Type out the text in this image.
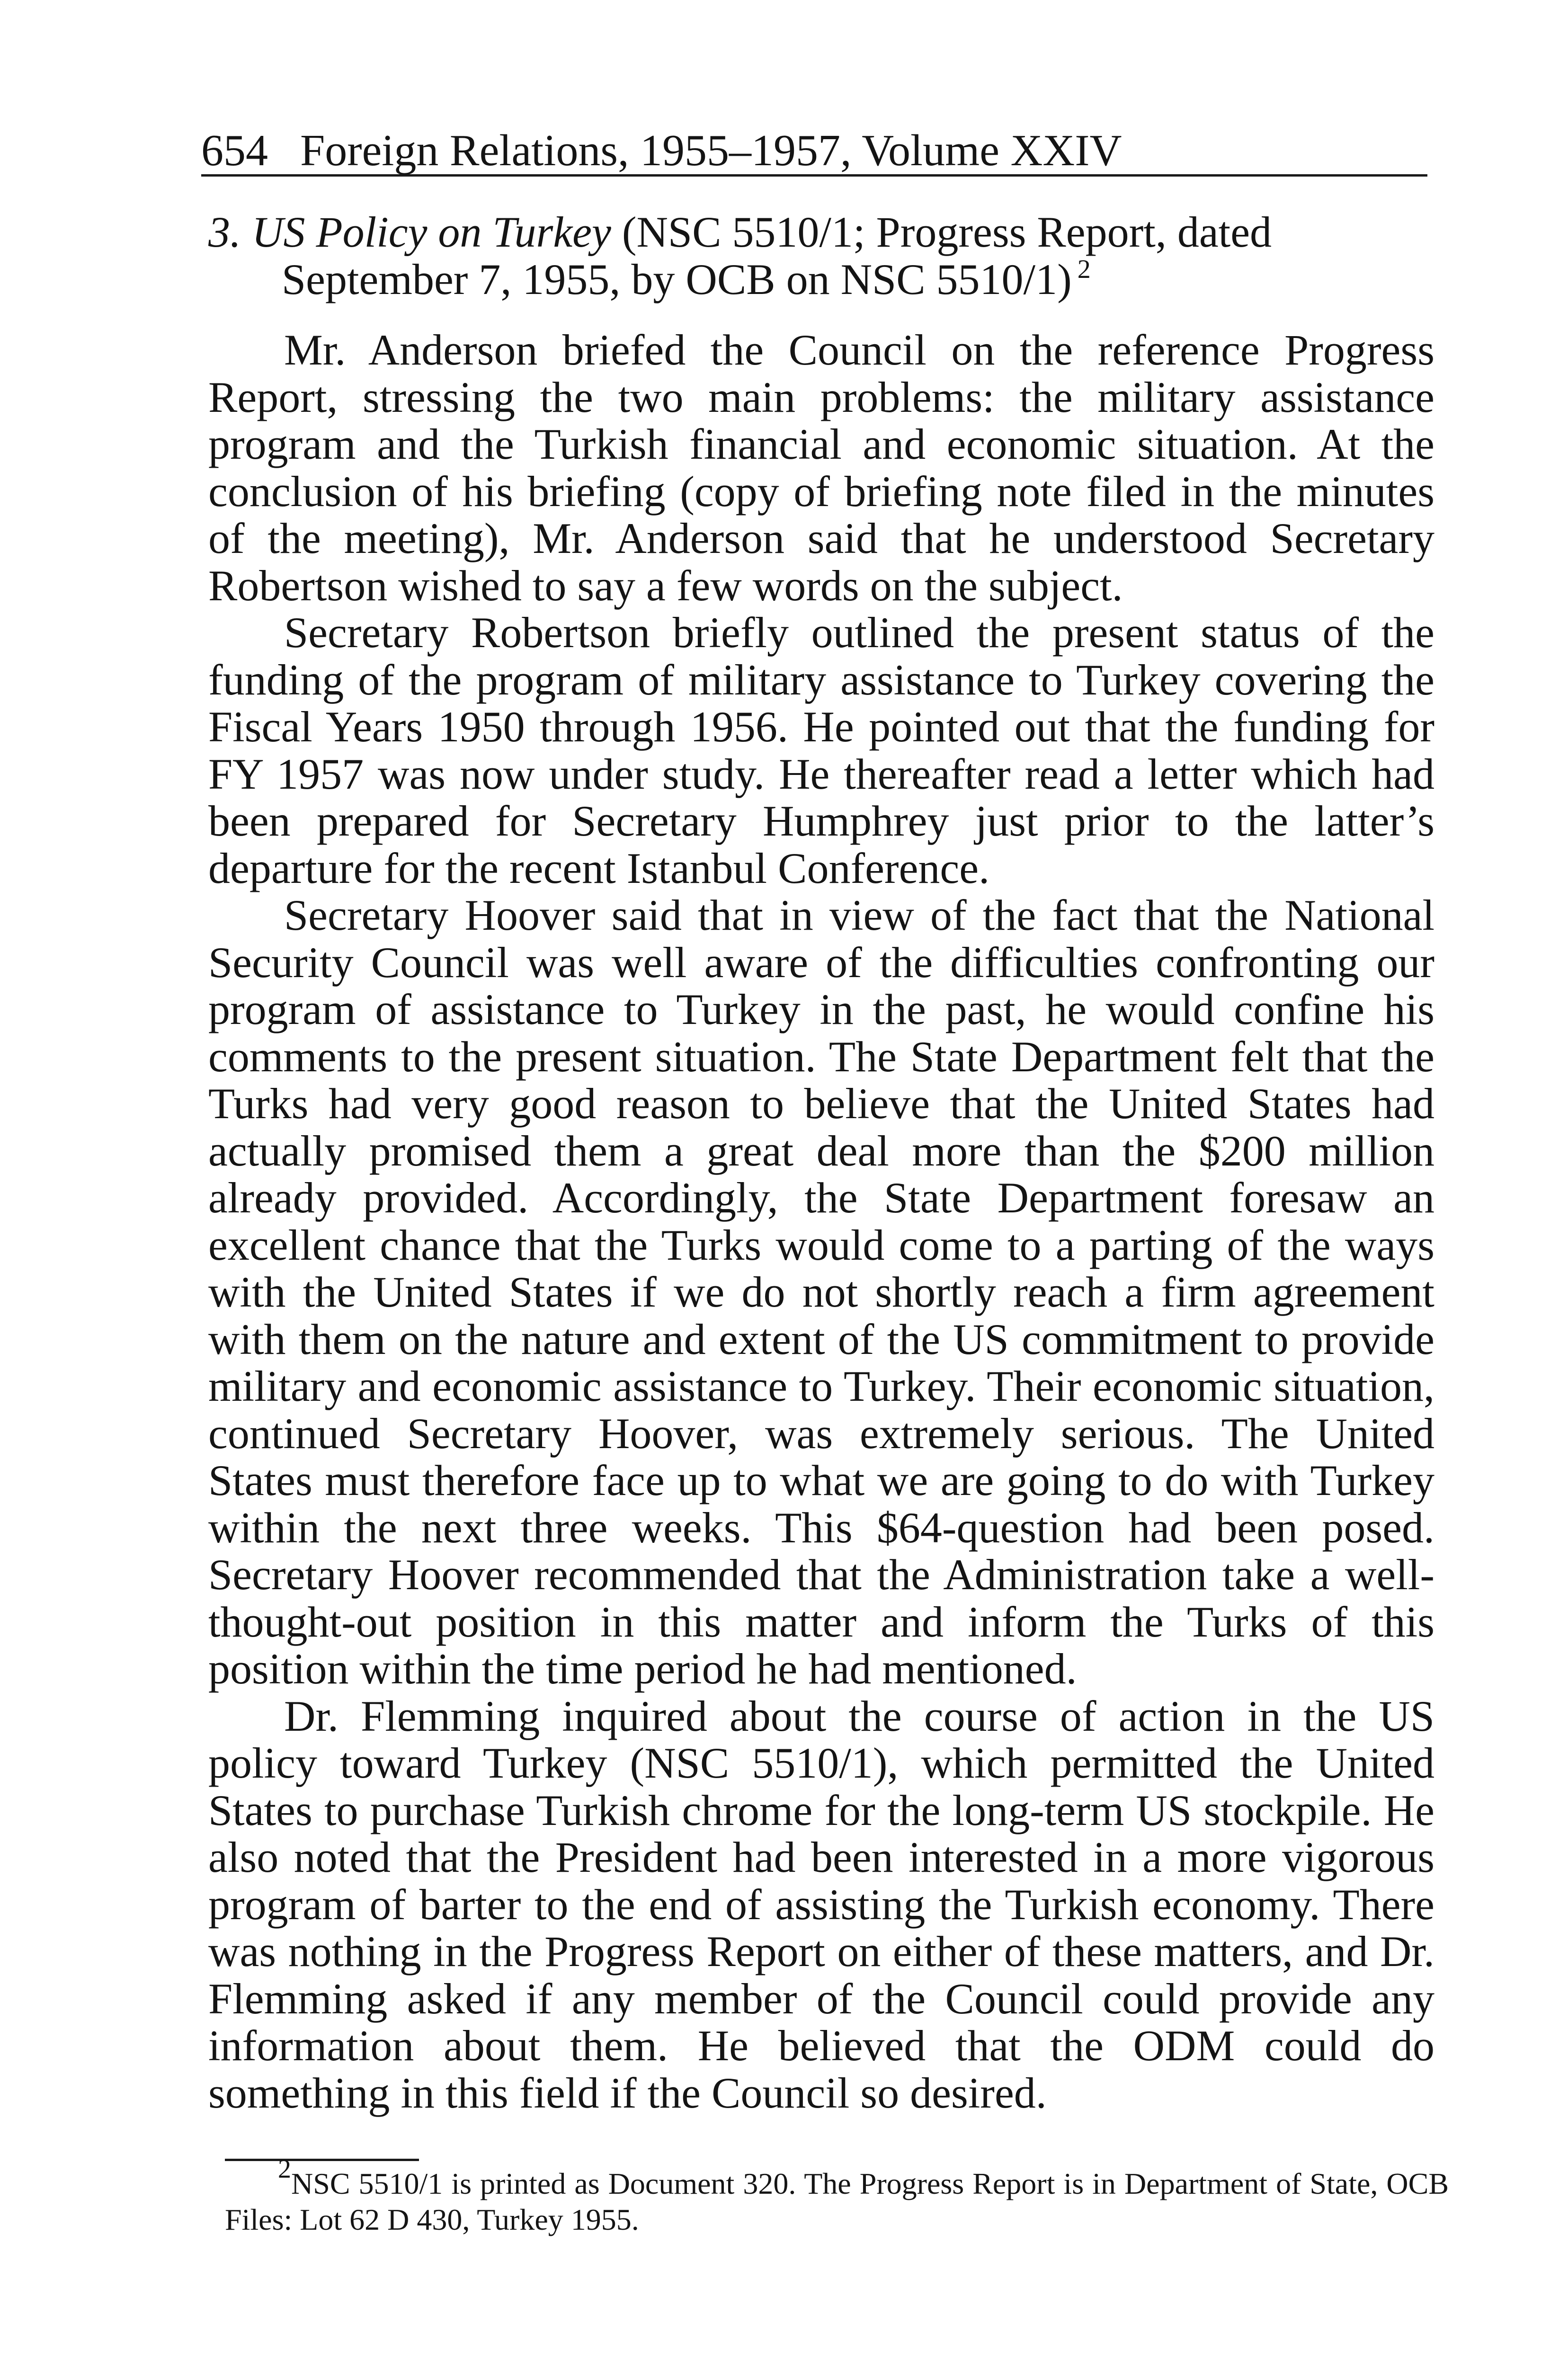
654 Foreign Relations, 1955–1957, Volume XXIV

3. US Policy on Turkey (NSC 5510/1; Progress Report, dated September 7, 1955, by OCB on NSC 5510/1) $^2$

Mr. Anderson briefed the Council on the reference Progress Report, stressing the two main problems: the military assistance program and the Turkish financial and economic situation. At the conclusion of his briefing (copy of briefing note filed in the minutes of the meeting), Mr. Anderson said that he understood Secretary Robertson wished to say a few words on the subject.

Secretary Robertson briefly outlined the present status of the funding of the program of military assistance to Turkey covering the Fiscal Years 1950 through 1956. He pointed out that the funding for FY 1957 was now under study. He thereafter read a letter which had been prepared for Secretary Humphrey just prior to the latter’s departure for the recent Istanbul Conference.

Secretary Hoover said that in view of the fact that the National Security Council was well aware of the difficulties confronting our program of assistance to Turkey in the past, he would confine his comments to the present situation. The State Department felt that the Turks had very good reason to believe that the United States had actually promised them a great deal more than the $200 million already provided. Accordingly, the State Department foresaw an excellent chance that the Turks would come to a parting of the ways with the United States if we do not shortly reach a firm agreement with them on the nature and extent of the US commitment to provide military and economic assistance to Turkey. Their economic situation, continued Secretary Hoover, was extremely serious. The United States must therefore face up to what we are going to do with Turkey within the next three weeks. This $64-question had been posed. Secretary Hoover recommended that the Administration take a well-thought-out position in this matter and inform the Turks of this position within the time period he had mentioned.

Dr. Flemming inquired about the course of action in the US policy toward Turkey (NSC 5510/1), which permitted the United States to purchase Turkish chrome for the long-term US stockpile. He also noted that the President had been interested in a more vigorous program of barter to the end of assisting the Turkish economy. There was nothing in the Progress Report on either of these matters, and Dr. Flemming asked if any member of the Council could provide any information about them. He believed that the ODM could do something in this field if the Council so desired.

$^2$NSC 5510/1 is printed as Document 320. The Progress Report is in Department of State, OCB Files: Lot 62 D 430, Turkey 1955.
